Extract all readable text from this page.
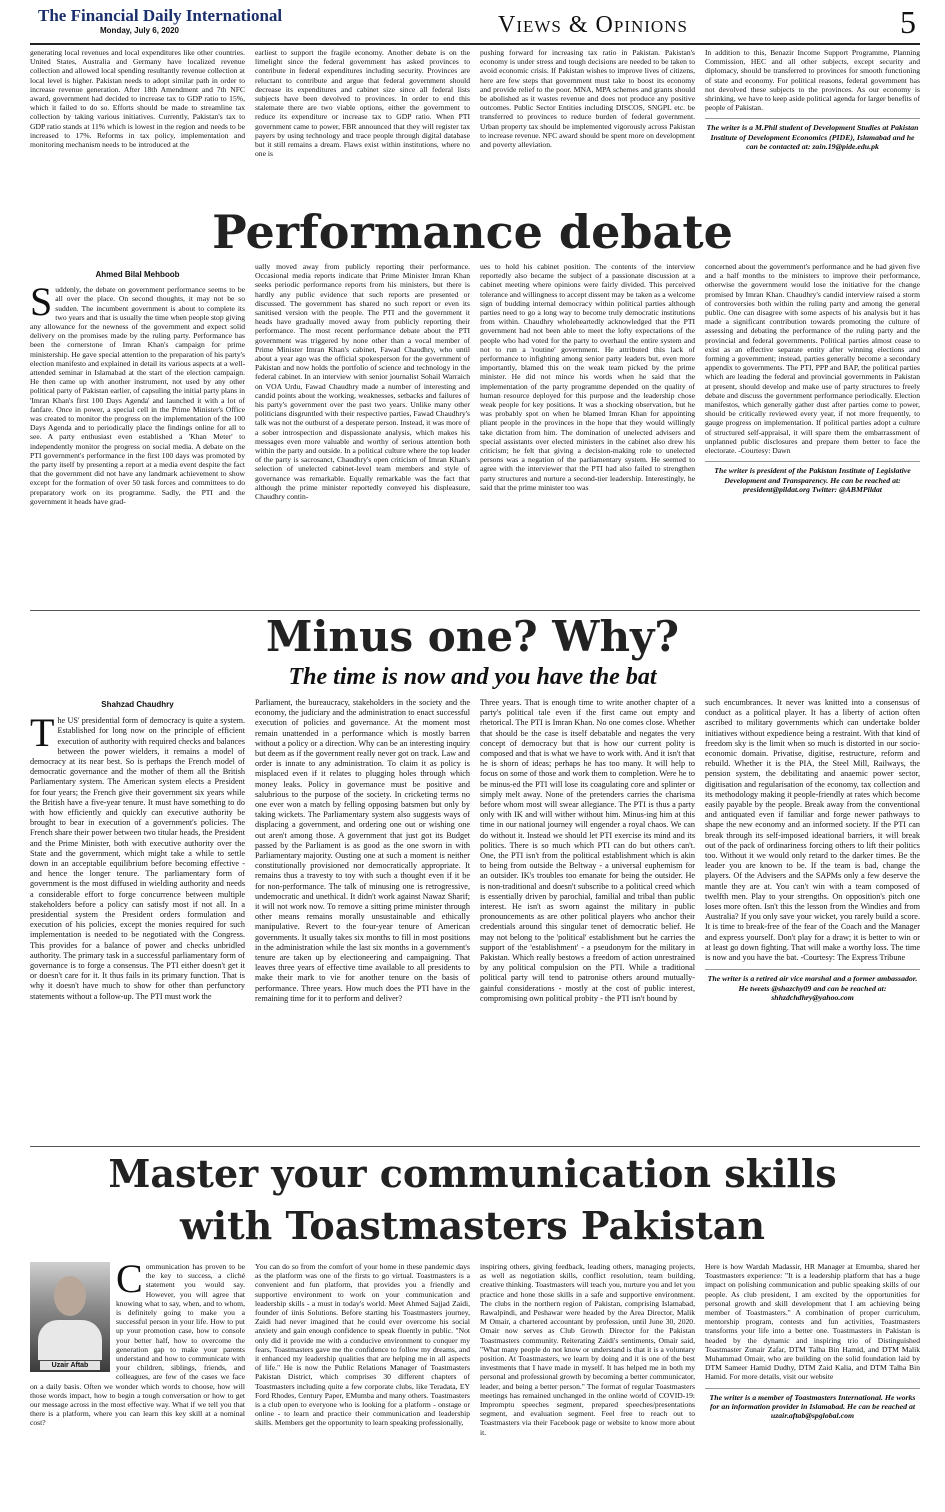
The Financial Daily International
Monday, July 6, 2020	Views & Opinions	5
generating local revenues and local expenditures like other countries. United States, Australia and Germany have localized revenue collection and allowed local spending resultantly revenue collection at local level is higher. Pakistan needs to adopt similar path in order to increase revenue generation. After 18th Amendment and 7th NFC award, government had decided to increase tax to GDP ratio to 15%, which it failed to do so. Efforts should be made to streamline tax collection by taking various initiatives. Currently, Pakistan's tax to GDP ratio stands at 11% which is lowest in the region and needs to be increased to 17%. Reforms in tax policy, implementation and monitoring mechanism needs to be introduced at the
earliest to support the fragile economy. Another debate is on the limelight since the federal government has asked provinces to contribute in federal expenditures including security. Provinces are reluctant to contribute and argue that federal government should decrease its expenditures and cabinet size since all federal lists subjects have been devolved to provinces. In order to end this stalemate there are two viable options, either the government to reduce its expenditure or increase tax to GDP ratio. When PTI government came to power, FBR announced that they will register tax payers by using technology and trace people through digital database but it still remains a dream. Flaws exist within institutions, where no one is
pushing forward for increasing tax ratio in Pakistan. Pakistan's economy is under stress and tough decisions are needed to be taken to avoid economic crisis. If Pakistan wishes to improve lives of citizens, here are few steps that government must take to boost its economy and provide relief to the poor. MNA, MPA schemes and grants should be abolished as it wastes revenue and does not produce any positive outcomes. Public Sector Entities including DISCOS, SNGPL etc. be transferred to provinces to reduce burden of federal government. Urban property tax should be implemented vigorously across Pakistan to increase revenue. NFC award should be spent more on development and poverty alleviation.

In addition to this, Benazir Income Support Programme, Planning Commission, HEC and all other subjects, except security and diplomacy, should be transferred to provinces for smooth functioning of state and economy. For political reasons, federal government has not devolved these subjects to the provinces. As our economy is shrinking, we have to keep aside political agenda for larger benefits of people of Pakistan.

The writer is a M.Phil student of Development Studies at Pakistan Institute of Development Economics (PIDE), Islamabad and he can be contacted at: zain.19@pide.edu.pk
Performance debate
Ahmed Bilal Mehboob
S uddenly, the debate on government performance seems to be all over the place. On second thoughts, it may not be so sudden. The incumbent government is about to complete its two years and that is usually the time when people stop giving any allowance for the newness of the government and expect solid delivery on the promises made by the ruling party. Performance has been the cornerstone of Imran Khan's campaign for prime ministership. He gave special attention to the preparation of his party's election manifesto and explained in detail its various aspects at a well-attended seminar in Islamabad at the start of the election campaign. He then came up with another instrument, not used by any other political party of Pakistan earlier, of capsuling the initial party plans in 'Imran Khan's first 100 Days Agenda' and launched it with a lot of fanfare. Once in power, a special cell in the Prime Minister's Office was created to monitor the progress on the implementation of the 100 Days Agenda and to periodically place the findings online for all to see. A party enthusiast even established a 'Khan Meter' to independently monitor the progress on social media. A debate on the PTI government's performance in the first 100 days was promoted by the party itself by presenting a report at a media event despite the fact that the government did not have any landmark achievement to show except for the formation of over 50 task forces and committees to do preparatory work on its programme. Sadly, the PTI and the government it heads have grad-
ually moved away from publicly reporting their performance. Occasional media reports indicate that Prime Minister Imran Khan seeks periodic performance reports from his ministers, but there is hardly any public evidence that such reports are presented or discussed. The government has shared no such report or even its sanitised version with the people. The PTI and the government it heads have gradually moved away from publicly reporting their performance. The most recent performance debate about the PTI government was triggered by none other than a vocal member of Prime Minister Imran Khan's cabinet, Fawad Chaudhry, who until about a year ago was the official spokesperson for the government of Pakistan and now holds the portfolio of science and technology in the federal cabinet. In an interview with senior journalist Sohail Warraich on VOA Urdu, Fawad Chaudhry made a number of interesting and candid points about the working, weaknesses, setbacks and failures of his party's government over the past two years. Unlike many other politicians disgruntled with their respective parties, Fawad Chaudhry's talk was not the outburst of a desperate person. Instead, it was more of a sober introspection and dispassionate analysis, which makes his messages even more valuable and worthy of serious attention both within the party and outside. In a political culture where the top leader of the party is sacrosanct, Chaudhry's open criticism of Imran Khan's selection of unelected cabinet-level team members and style of governance was remarkable. Equally remarkable was the fact that although the prime minister reportedly conveyed his displeasure, Chaudhry contin-
ues to hold his cabinet position. The contents of the interview reportedly also became the subject of a passionate discussion at a cabinet meeting where opinions were fairly divided. This perceived tolerance and willingness to accept dissent may be taken as a welcome sign of budding internal democracy within political parties although parties need to go a long way to become truly democratic institutions from within. Chaudhry wholeheartedly acknowledged that the PTI government had not been able to meet the lofty expectations of the people who had voted for the party to overhaul the entire system and not to run a 'routine' government. He attributed this lack of performance to infighting among senior party leaders but, even more importantly, blamed this on the weak team picked by the prime minister. He did not mince his words when he said that the implementation of the party programme depended on the quality of human resource deployed for this purpose and the leadership chose weak people for key positions. It was a shocking observation, but he was probably spot on when he blamed Imran Khan for appointing pliant people in the provinces in the hope that they would willingly take dictation from him. The domination of unelected advisers and special assistants over elected ministers in the cabinet also drew his criticism; he felt that giving a decision-making role to unelected persons was a negation of the parliamentary system. He seemed to agree with the interviewer that the PTI had also failed to strengthen party structures and nurture a second-tier leadership. Interestingly, he said that the prime minister too was

concerned about the government's performance and he had given five and a half months to the ministers to improve their performance, otherwise the government would lose the initiative for the change promised by Imran Khan. Chaudhry's candid interview raised a storm of controversies both within the ruling party and among the general public. One can disagree with some aspects of his analysis but it has made a significant contribution towards promoting the culture of assessing and debating the performance of the ruling party and the provincial and federal governments. Political parties almost cease to exist as an effective separate entity after winning elections and forming a government; instead, parties generally become a secondary appendix to governments. The PTI, PPP and BAP, the political parties which are leading the federal and provincial governments in Pakistan at present, should develop and make use of party structures to freely debate and discuss the government performance periodically. Election manifestos, which generally gather dust after parties come to power, should be critically reviewed every year, if not more frequently, to gauge progress on implementation. If political parties adopt a culture of structured self-appraisal, it will spare them the embarrassment of unplanned public disclosures and prepare them better to face the electorate. -Courtesy: Dawn

The writer is president of the Pakistan Institute of Legislative Development and Transparency. He can be reached at: president@pildat.org Twitter: @ABMPildat
Minus one? Why?
The time is now and you have the bat
Shahzad Chaudhry
T he US' presidential form of democracy is quite a system. Established for long now on the principle of efficient execution of authority with required checks and balances between the power wielders, it remains a model of democracy at its near best. So is perhaps the French model of democratic governance and the mother of them all the British Parliamentary system. The American system elects a President for four years; the French give their government six years while the British have a five-year tenure. It must have something to do with how efficiently and quickly can executive authority be brought to bear in execution of a government's policies. The French share their power between two titular heads, the President and the Prime Minister, both with executive authority over the State and the government, which might take a while to settle down in an acceptable equilibrium before becoming effective - and hence the longer tenure. The parliamentary form of government is the most diffused in wielding authority and needs a considerable effort to forge concurrence between multiple stakeholders before a policy can satisfy most if not all. In a presidential system the President orders formulation and execution of his policies, except the monies required for such implementation is needed to be negotiated with the Congress. This provides for a balance of power and checks unbridled authority. The primary task in a successful parliamentary form of governance is to forge a consensus. The PTI either doesn't get it or doesn't care for it. It thus fails in its primary function. That is why it doesn't have much to show for other than perfunctory statements without a follow-up. The PTI must work the
Parliament, the bureaucracy, stakeholders in the society and the economy, the judiciary and the administration to enact successful execution of policies and governance. At the moment most remain unattended in a performance which is mostly barren without a policy or a direction. Why can be an interesting inquiry but deem as if the government really never got on track. Law and order is innate to any administration. To claim it as policy is misplaced even if it relates to plugging holes through which money leaks. Policy in governance must be positive and salubrious to the purpose of the society. In cricketing terms no one ever won a match by felling opposing batsmen but only by taking wickets. The Parliamentary system also suggests ways of displacing a government, and ordering one out or wishing one out aren't among those. A government that just got its Budget passed by the Parliament is as good as the one sworn in with Parliamentary majority. Ousting one at such a moment is neither constitutionally provisioned nor democratically appropriate. It remains thus a travesty to toy with such a thought even if it be for non-performance. The talk of minusing one is retrogressive, undemocratic and unethical. It didn't work against Nawaz Sharif; it will not work now. To remove a sitting prime minister through other means remains morally unsustainable and ethically manipulative. Revert to the four-year tenure of American governments. It usually takes six months to fill in most positions in the administration while the last six months in a government's tenure are taken up by electioneering and campaigning. That leaves three years of effective time available to all presidents to make their mark to vie for another tenure on the basis of performance. Three years. How much does the PTI have in the remaining time for it to perform and deliver?
Three years. That is enough time to write another chapter of a party's political tale even if the first came out empty and rhetorical. The PTI is Imran Khan. No one comes close. Whether that should be the case is itself debatable and negates the very concept of democracy but that is how our current polity is composed and that is what we have to work with. And it isn't that he is shorn of ideas; perhaps he has too many. It will help to focus on some of those and work them to completion. Were he to be minus-ed the PTI will lose its coagulating core and splinter or simply melt away. None of the pretenders carries the charisma before whom most will swear allegiance. The PTI is thus a party only with IK and will wither without him. Minus-ing him at this time in our national journey will engender a royal chaos. We can do without it. Instead we should let PTI exercise its mind and its politics. There is so much which PTI can do but others can't. One, the PTI isn't from the political establishment which is akin to being from outside the Beltway - a universal euphemism for an outsider. IK's troubles too emanate for being the outsider. He is non-traditional and doesn't subscribe to a political creed which is essentially driven by parochial, familial and tribal than public interest. He isn't as sworn against the military in public pronouncements as are other political players who anchor their credentials around this singular tenet of democratic belief. He may not belong to the 'political' establishment but he carries the support of the 'establishment' - a pseudonym for the military in Pakistan. Which really bestows a freedom of action unrestrained by any political compulsion on the PTI. While a traditional political party will tend to patronise others around mutually-gainful considerations - mostly at the cost of public interest, compromising own political probity - the PTI isn't bound by

such encumbrances. It never was knitted into a consensus of conduct as a political player. It has a liberty of action often ascribed to military governments which can undertake bolder initiatives without expedience being a restraint. With that kind of freedom sky is the limit when so much is distorted in our socio-economic domain. Privatise, digitise, restructure, reform and rebuild. Whether it is the PIA, the Steel Mill, Railways, the pension system, the debilitating and anaemic power sector, digitisation and regularisation of the economy, tax collection and its methodology making it people-friendly at rates which become easily payable by the people. Break away from the conventional and antiquated even if familiar and forge newer pathways to shape the new economy and an informed society. If the PTI can break through its self-imposed ideational barriers, it will break out of the pack of ordinariness forcing others to lift their politics too. Without it we would only retard to the darker times. Be the leader you are known to be. If the team is bad, change the players. Of the Advisers and the SAPMs only a few deserve the mantle they are at. You can't win with a team composed of twelfth men. Play to your strengths. On opposition's pitch one loses more often. Isn't this the lesson from the Windies and from Australia? If you only save your wicket, you rarely build a score. It is time to break-free of the fear of the Coach and the Manager and express yourself. Don't play for a draw; it is better to win or at least go down fighting. That will make a worthy loss. The time is now and you have the bat. -Courtesy: The Express Tribune

The writer is a retired air vice marshal and a former ambassador. He tweets @shazchy09 and can be reached at: shhzdchdhry@yahoo.com
Master your communication skills with Toastmasters Pakistan
Uzair Aftab
C ommunication has proven to be the key to success, a cliché statement you would say. However, you will agree that knowing what to say, when, and to whom, is definitely going to make you a successful person in your life. How to put up your promotion case, how to console your better half, how to overcome the generation gap to make your parents understand and how to communicate with your children, siblings, friends, and colleagues, are few of the cases we face on a daily basis. Often we wonder which words to choose, how will those words impact, how to begin a tough conversation or how to get our message across in the most effective way. What if we tell you that there is a platform, where you can learn this key skill at a nominal cost?
You can do so from the comfort of your home in these pandemic days as the platform was one of the firsts to go virtual. Toastmasters is a convenient and fun platform, that provides you a friendly and supportive environment to work on your communication and leadership skills - a must in today's world. Meet Ahmed Sajjad Zaidi, founder of iinis Solutions. Before starting his Toastmasters journey, Zaidi had never imagined that he could ever overcome his social anxiety and gain enough confidence to speak fluently in public. "Not only did it provide me with a conducive environment to conquer my fears, Toastmasters gave me the confidence to follow my dreams, and it enhanced my leadership qualities that are helping me in all aspects of life." He is now the Public Relations Manager of Toastmasters Pakistan District, which comprises 30 different chapters of Toastmasters including quite a few corporate clubs, like Teradata, EY Ford Rhodes, Century Paper, EMumba and many others. Toastmasters is a club open to everyone who is looking for a platform - onstage or online - to learn and practice their communication and leadership skills. Members get the opportunity to learn speaking professionally,
inspiring others, giving feedback, leading others, managing projects, as well as negotiation skills, conflict resolution, team building, creative thinking. Toastmasters will teach you, nurture you and let you practice and hone those skills in a safe and supportive environment. The clubs in the northern region of Pakistan, comprising Islamabad, Rawalpindi, and Peshawar were headed by the Area Director, Malik M Omair, a chartered accountant by profession, until June 30, 2020. Omair now serves as Club Growth Director for the Pakistan Toastmasters community. Reiterating Zaidi's sentiments, Omair said, "What many people do not know or understand is that it is a voluntary position. At Toastmasters, we learn by doing and it is one of the best investments that I have made in myself. It has helped me in both my personal and professional growth by becoming a better communicator, leader, and being a better person." The format of regular Toastmasters meetings has remained unchanged in the online world of COVID-19: Impromptu speeches segment, prepared speeches/presentations segment, and evaluation segment. Feel free to reach out to Toastmasters via their Facebook page or website to know more about it.

Here is how Wardah Madassir, HR Manager at Emumba, shared her Toastmasters experience: "It is a leadership platform that has a huge impact on polishing communication and public speaking skills of our people. As club president, I am excited by the opportunities for personal growth and skill development that I am achieving being member of Toastmasters." A combination of proper curriculum, mentorship program, contests and fun activities, Toastmasters transforms your life into a better one. Toastmasters in Pakistan is headed by the dynamic and inspiring trio of Distinguished Toastmaster Zunair Zafar, DTM Talha Bin Hamid, and DTM Malik Muhammad Omair, who are building on the solid foundation laid by DTM Sameer Hamid Dudhy, DTM Zaid Kalia, and DTM Talha Bin Hamid. For more details, visit our website

The writer is a member of Toastmasters International. He works for an information provider in Islamabad. He can be reached at uzair.aftab@spglobal.com
